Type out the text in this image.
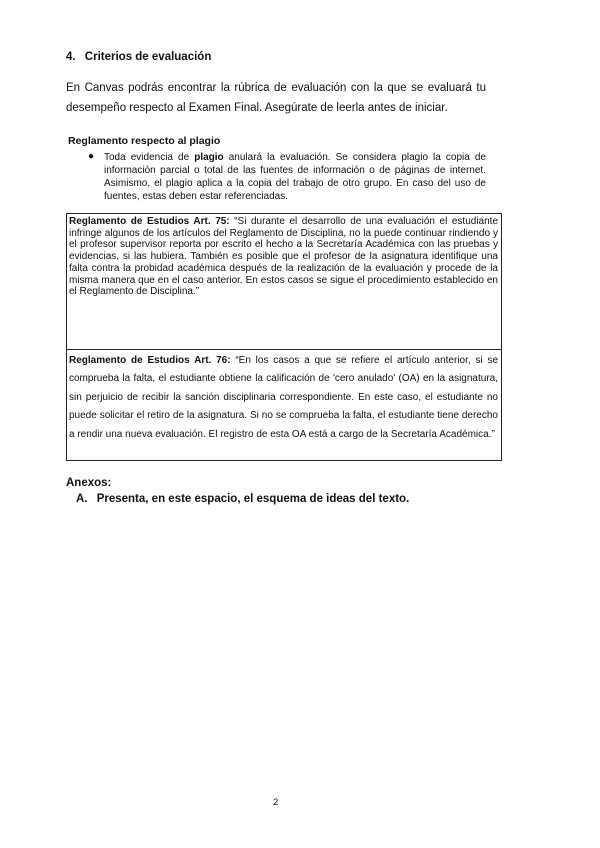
4. Criterios de evaluación
En Canvas podrás encontrar la rúbrica de evaluación con la que se evaluará tu desempeño respecto al Examen Final. Asegúrate de leerla antes de iniciar.
Reglamento respecto al plagio
● Toda evidencia de plagio anulará la evaluación. Se considera plagio la copia de información parcial o total de las fuentes de información o de páginas de internet. Asimismo, el plagio aplica a la copia del trabajo de otro grupo. En caso del uso de fuentes, estas deben estar referenciadas.
Reglamento de Estudios Art. 75: “Si durante el desarrollo de una evaluación el estudiante infringe algunos de los artículos del Reglamento de Disciplina, no la puede continuar rindiendo y el profesor supervisor reporta por escrito el hecho a la Secretaría Académica con las pruebas y evidencias, si las hubiera. También es posible que el profesor de la asignatura identifique una falta contra la probidad académica después de la realización de la evaluación y procede de la misma manera que en el caso anterior. En estos casos se sigue el procedimiento establecido en el Reglamento de Disciplina.”
Reglamento de Estudios Art. 76: “En los casos a que se refiere el artículo anterior, si se comprueba la falta, el estudiante obtiene la calificación de 'cero anulado' (OA) en la asignatura, sin perjuicio de recibir la sanción disciplinaria correspondiente. En este caso, el estudiante no puede solicitar el retiro de la asignatura. Si no se comprueba la falta, el estudiante tiene derecho a rendir una nueva evaluación. El registro de esta OA está a cargo de la Secretaría Académica.”
Anexos:
A. Presenta, en este espacio, el esquema de ideas del texto.
2
